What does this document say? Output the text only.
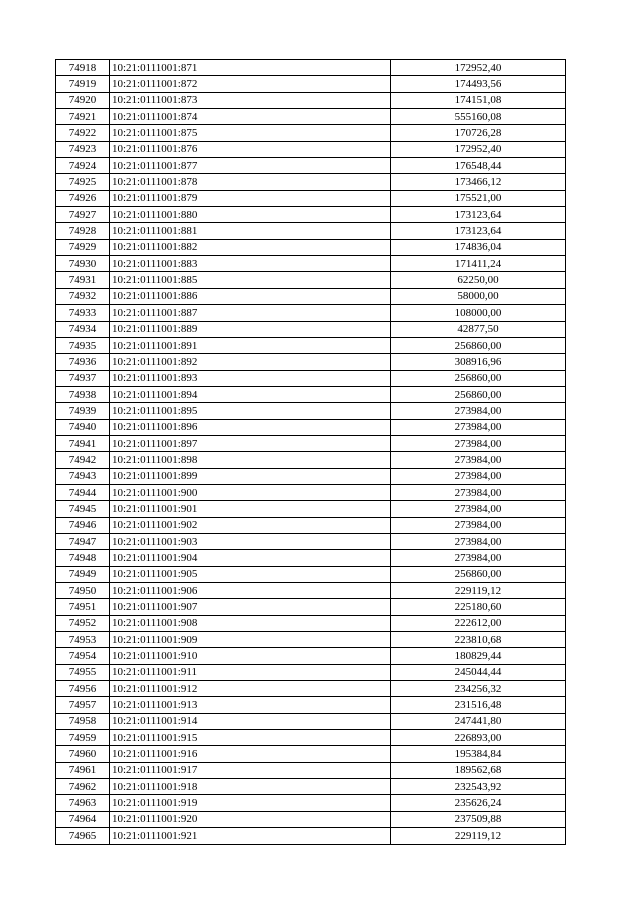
74918	10:21:0111001:871	172952,40
74919	10:21:0111001:872	174493,56
74920	10:21:0111001:873	174151,08
74921	10:21:0111001:874	555160,08
74922	10:21:0111001:875	170726,28
74923	10:21:0111001:876	172952,40
74924	10:21:0111001:877	176548,44
74925	10:21:0111001:878	173466,12
74926	10:21:0111001:879	175521,00
74927	10:21:0111001:880	173123,64
74928	10:21:0111001:881	173123,64
74929	10:21:0111001:882	174836,04
74930	10:21:0111001:883	171411,24
74931	10:21:0111001:885	62250,00
74932	10:21:0111001:886	58000,00
74933	10:21:0111001:887	108000,00
74934	10:21:0111001:889	42877,50
74935	10:21:0111001:891	256860,00
74936	10:21:0111001:892	308916,96
74937	10:21:0111001:893	256860,00
74938	10:21:0111001:894	256860,00
74939	10:21:0111001:895	273984,00
74940	10:21:0111001:896	273984,00
74941	10:21:0111001:897	273984,00
74942	10:21:0111001:898	273984,00
74943	10:21:0111001:899	273984,00
74944	10:21:0111001:900	273984,00
74945	10:21:0111001:901	273984,00
74946	10:21:0111001:902	273984,00
74947	10:21:0111001:903	273984,00
74948	10:21:0111001:904	273984,00
74949	10:21:0111001:905	256860,00
74950	10:21:0111001:906	229119,12
74951	10:21:0111001:907	225180,60
74952	10:21:0111001:908	222612,00
74953	10:21:0111001:909	223810,68
74954	10:21:0111001:910	180829,44
74955	10:21:0111001:911	245044,44
74956	10:21:0111001:912	234256,32
74957	10:21:0111001:913	231516,48
74958	10:21:0111001:914	247441,80
74959	10:21:0111001:915	226893,00
74960	10:21:0111001:916	195384,84
74961	10:21:0111001:917	189562,68
74962	10:21:0111001:918	232543,92
74963	10:21:0111001:919	235626,24
74964	10:21:0111001:920	237509,88
74965	10:21:0111001:921	229119,12
